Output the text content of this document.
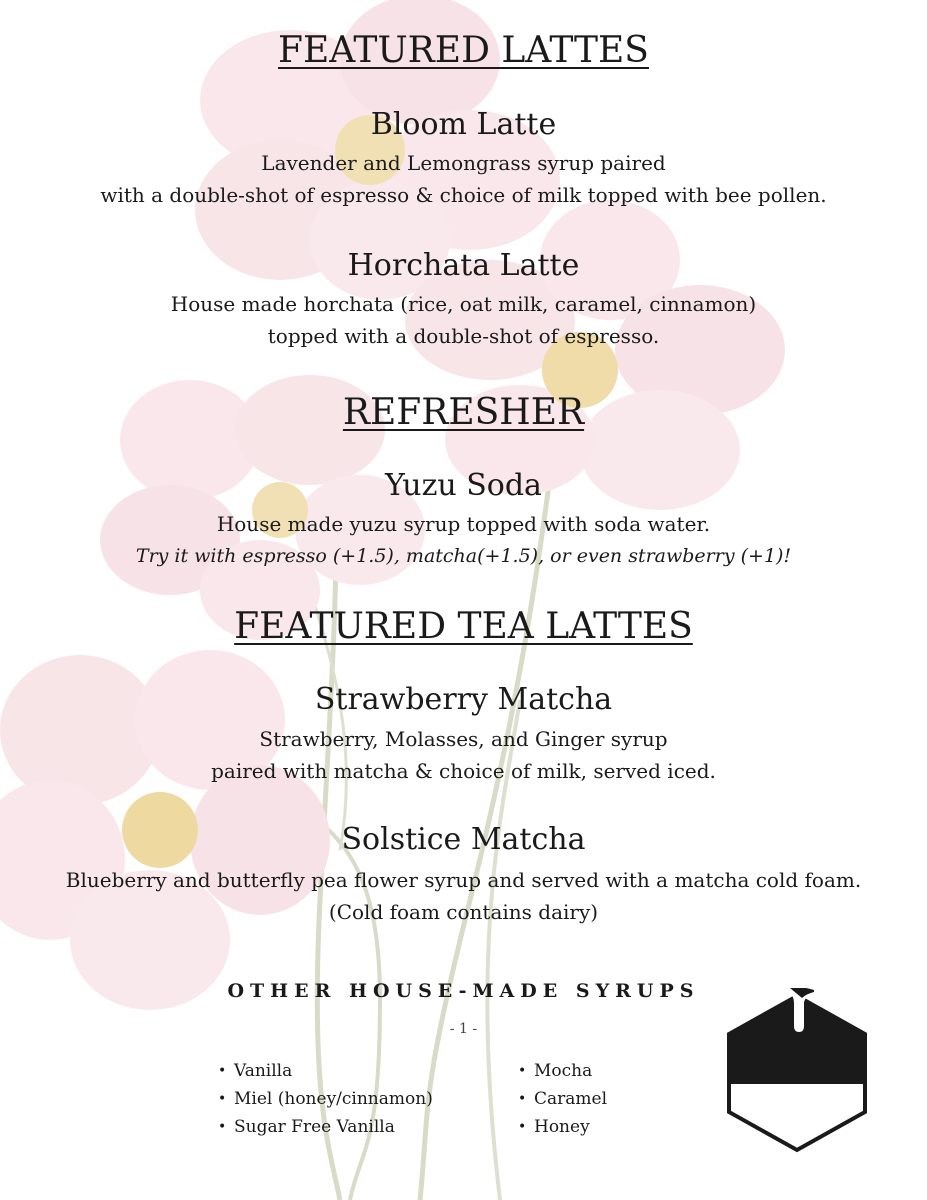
FEATURED LATTES
Bloom Latte
Lavender and Lemongrass syrup paired
with a double-shot of espresso & choice of milk topped with bee pollen.
Horchata Latte
House made horchata (rice, oat milk, caramel, cinnamon)
topped with a double-shot of espresso.
REFRESHER
Yuzu Soda
House made yuzu syrup topped with soda water.
Try it with espresso (+1.5), matcha(+1.5), or even strawberry (+1)!
FEATURED TEA LATTES
Strawberry Matcha
Strawberry, Molasses, and Ginger syrup
paired with matcha & choice of milk, served iced.
Solstice Matcha
Blueberry and butterfly pea flower syrup and served with a matcha cold foam.
(Cold foam contains dairy)
OTHER HOUSE-MADE SYRUPS
- 1 -
• Vanilla
• Miel (honey/cinnamon)
• Sugar Free Vanilla
• Mocha
• Caramel
• Honey
